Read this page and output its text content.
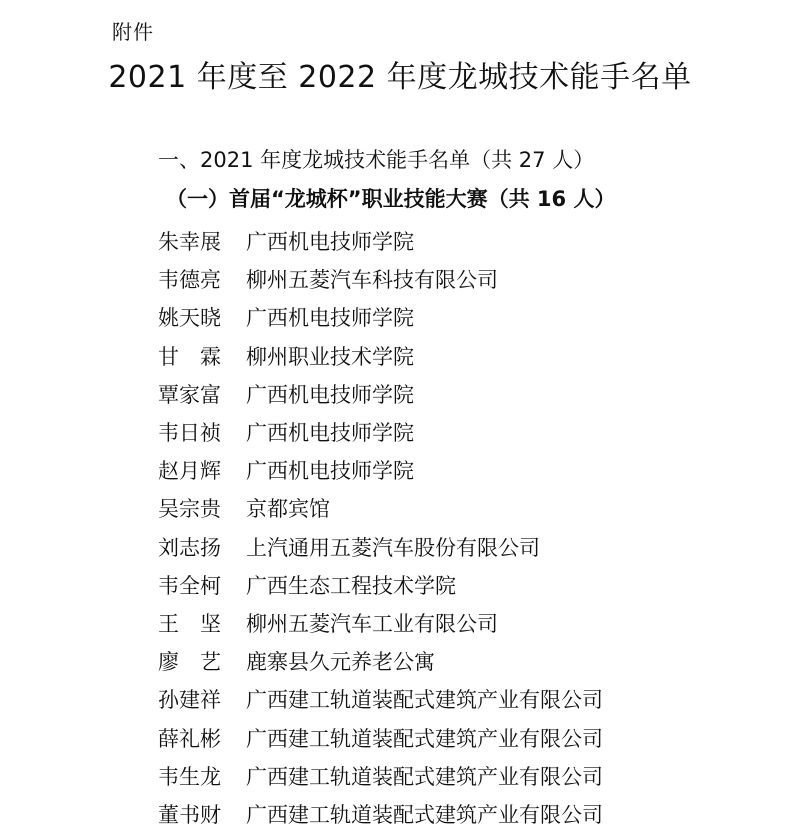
附件
2021 年度至 2022 年度龙城技术能手名单
一、2021 年度龙城技术能手名单（共 27 人）
（一）首届“龙城杯”职业技能大赛（共 16 人）
朱幸展	广西机电技师学院
韦德亮	柳州五菱汽车科技有限公司
姚天晓	广西机电技师学院
甘　霖	柳州职业技术学院
覃家富	广西机电技师学院
韦日祯	广西机电技师学院
赵月辉	广西机电技师学院
吴宗贵	京都宾馆
刘志扬	上汽通用五菱汽车股份有限公司
韦全柯	广西生态工程技术学院
王　坚	柳州五菱汽车工业有限公司
廖　艺	鹿寨县久元养老公寓
孙建祥	广西建工轨道装配式建筑产业有限公司
薛礼彬	广西建工轨道装配式建筑产业有限公司
韦生龙	广西建工轨道装配式建筑产业有限公司
董书财	广西建工轨道装配式建筑产业有限公司
